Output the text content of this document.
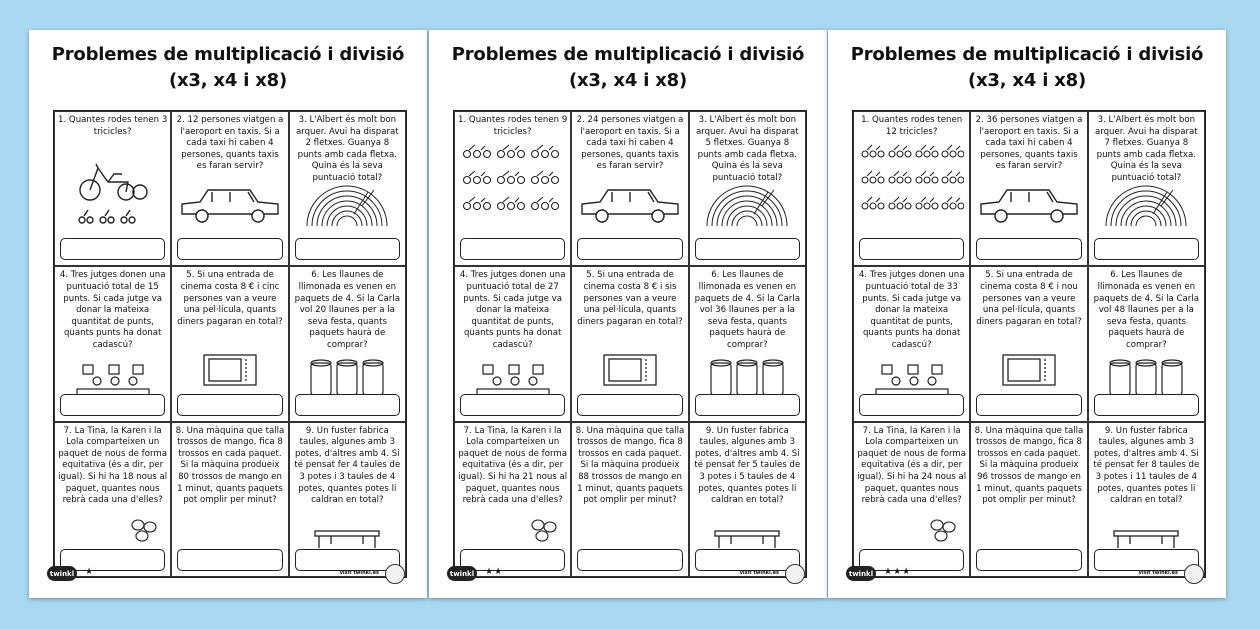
Problemes de multiplicació i divisió
(x3, x4 i x8)
1. Quantes rodes tenen 3 tricicles?
2. 12 persones viatgen a l'aeroport en taxis. Si a cada taxi hi caben 4 persones, quants taxis es faran servir?
3. L'Albert és molt bon arquer. Avui ha disparat 2 fletxes. Guanya 8 punts amb cada fletxa. Quina és la seva puntuació total?
4. Tres jutges donen una puntuació total de 15 punts. Si cada jutge va donar la mateixa quantitat de punts, quants punts ha donat cadascú?
5. Si una entrada de cinema costa 8 € i cinc persones van a veure una pel·lícula, quants diners pagaran en total?
6. Les llaunes de llimonada es venen en paquets de 4. Si la Carla vol 20 llaunes per a la seva festa, quants paquets haurà de comprar?
7. La Tina, la Karen i la Lola comparteixen un paquet de nous de forma equitativa (és a dir, per igual). Si hi ha 18 nous al paquet, quantes nous rebrà cada una d'elles?
8. Una màquina que talla trossos de mango, fica 8 trossos en cada paquet. Si la màquina produeix 80 trossos de mango en 1 minut, quants paquets pot omplir per minut?
9. Un fuster fabrica taules, algunes amb 3 potes, d'altres amb 4. Si té pensat fer 4 taules de 3 potes i 3 taules de 4 potes, quantes potes li caldran en total?
twinkl	★	visit twinkl.es
Problemes de multiplicació i divisió
(x3, x4 i x8)
1. Quantes rodes tenen 9 tricicles?
2. 24 persones viatgen a l'aeroport en taxis. Si a cada taxi hi caben 4 persones, quants taxis es faran servir?
3. L'Albert és molt bon arquer. Avui ha disparat 5 fletxes. Guanya 8 punts amb cada fletxa. Quina és la seva puntuació total?
4. Tres jutges donen una puntuació total de 27 punts. Si cada jutge va donar la mateixa quantitat de punts, quants punts ha donat cadascú?
5. Si una entrada de cinema costa 8 € i sis persones van a veure una pel·lícula, quants diners pagaran en total?
6. Les llaunes de llimonada es venen en paquets de 4. Si la Carla vol 36 llaunes per a la seva festa, quants paquets haurà de comprar?
7. La Tina, la Karen i la Lola comparteixen un paquet de nous de forma equitativa (és a dir, per igual). Si hi ha 21 nous al paquet, quantes nous rebrà cada una d'elles?
8. Una màquina que talla trossos de mango, fica 8 trossos en cada paquet. Si la màquina produeix 88 trossos de mango en 1 minut, quants paquets pot omplir per minut?
9. Un fuster fabrica taules, algunes amb 3 potes, d'altres amb 4. Si té pensat fer 5 taules de 3 potes i 5 taules de 4 potes, quantes potes li caldran en total?
twinkl	★★	visit twinkl.es
Problemes de multiplicació i divisió
(x3, x4 i x8)
1. Quantes rodes tenen 12 tricicles?
2. 36 persones viatgen a l'aeroport en taxis. Si a cada taxi hi caben 4 persones, quants taxis es faran servir?
3. L'Albert és molt bon arquer. Avui ha disparat 7 fletxes. Guanya 8 punts amb cada fletxa. Quina és la seva puntuació total?
4. Tres jutges donen una puntuació total de 33 punts. Si cada jutge va donar la mateixa quantitat de punts, quants punts ha donat cadascú?
5. Si una entrada de cinema costa 8 € i nou persones van a veure una pel·lícula, quants diners pagaran en total?
6. Les llaunes de llimonada es venen en paquets de 4. Si la Carla vol 48 llaunes per a la seva festa, quants paquets haurà de comprar?
7. La Tina, la Karen i la Lola comparteixen un paquet de nous de forma equitativa (és a dir, per igual). Si hi ha 24 nous al paquet, quantes nous rebrà cada una d'elles?
8. Una màquina que talla trossos de mango, fica 8 trossos en cada paquet. Si la màquina produeix 96 trossos de mango en 1 minut, quants paquets pot omplir per minut?
9. Un fuster fabrica taules, algunes amb 3 potes, d'altres amb 4. Si té pensat fer 8 taules de 3 potes i 11 taules de 4 potes, quantes potes li caldran en total?
twinkl	★★★	visit twinkl.es
